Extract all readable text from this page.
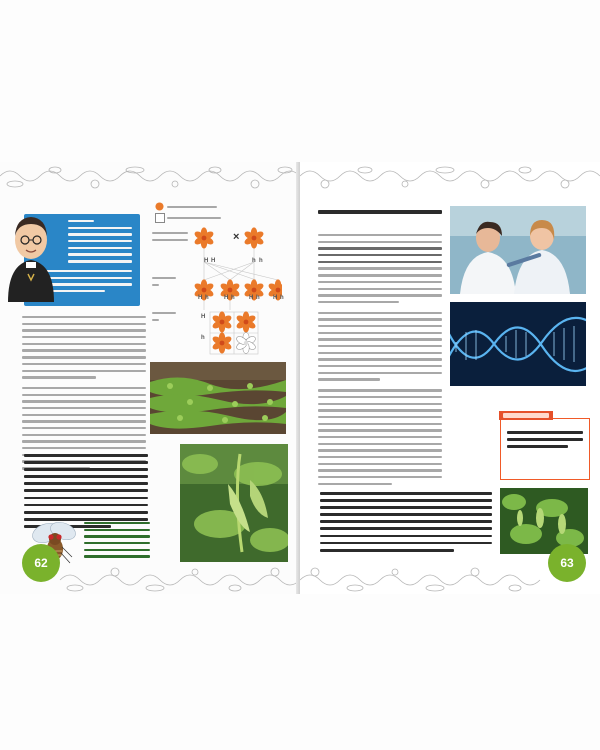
×
H H	h h
H h	H h H h H h
H
h
62	63
